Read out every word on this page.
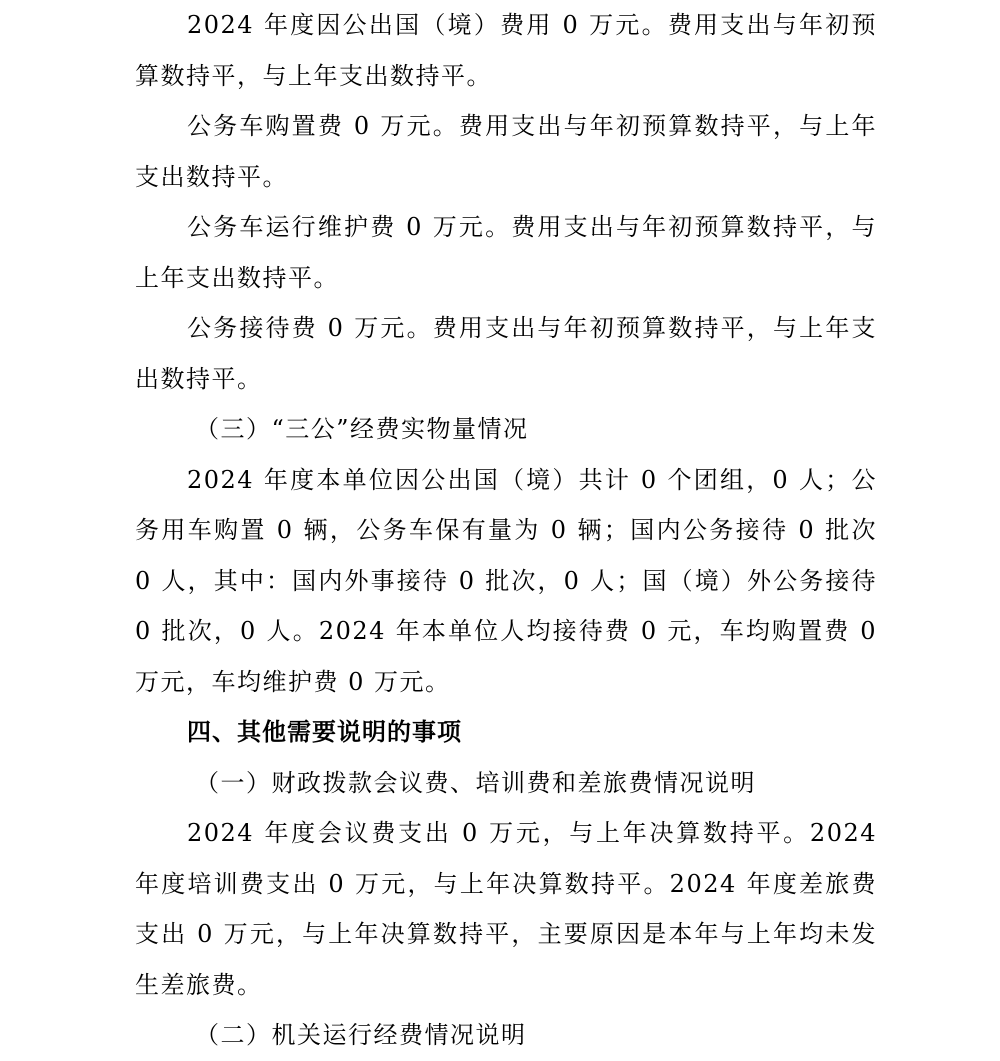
2024 年度因公出国（境）费用 0 万元。费用支出与年初预算数持平，与上年支出数持平。

公务车购置费 0 万元。费用支出与年初预算数持平，与上年支出数持平。

公务车运行维护费 0 万元。费用支出与年初预算数持平，与上年支出数持平。

公务接待费 0 万元。费用支出与年初预算数持平，与上年支出数持平。

（三）“三公”经费实物量情况

2024 年度本单位因公出国（境）共计 0 个团组，0 人；公务用车购置 0 辆，公务车保有量为 0 辆；国内公务接待 0 批次 0 人，其中：国内外事接待 0 批次，0 人；国（境）外公务接待 0 批次，0 人。2024 年本单位人均接待费 0 元，车均购置费 0 万元，车均维护费 0 万元。

四、其他需要说明的事项

（一）财政拨款会议费、培训费和差旅费情况说明

2024 年度会议费支出 0 万元，与上年决算数持平。2024 年度培训费支出 0 万元，与上年决算数持平。2024 年度差旅费支出 0 万元，与上年决算数持平，主要原因是本年与上年均未发生差旅费。

（二）机关运行经费情况说明
